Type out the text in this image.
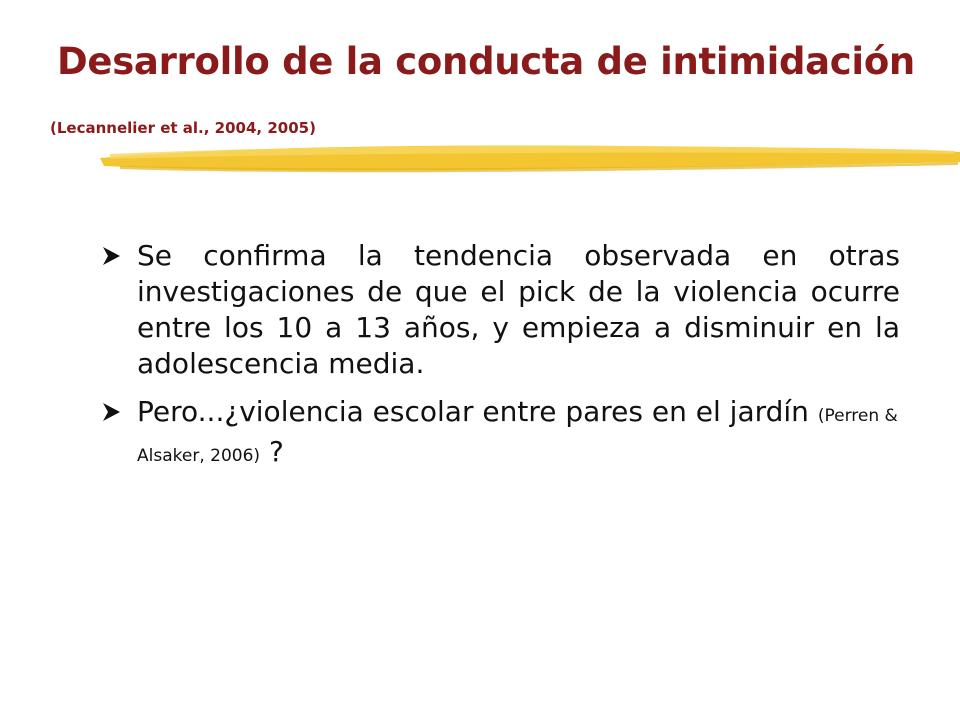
Desarrollo de la conducta de intimidación
(Lecannelier et al., 2004, 2005)
Se confirma la tendencia observada en otras investigaciones de que el pick de la violencia ocurre entre los 10 a 13 años, y empieza a disminuir en la adolescencia media.
Pero...¿violencia escolar entre pares en el jardín (Perren & Alsaker, 2006) ?
